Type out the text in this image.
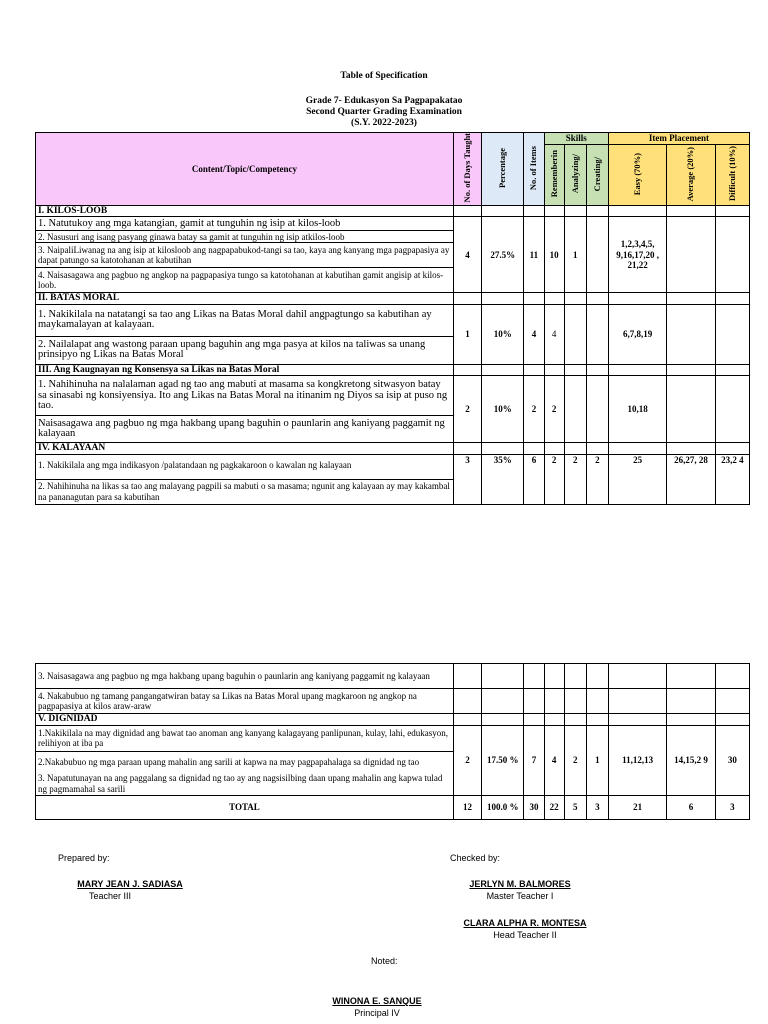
Table of Specification
Grade 7- Edukasyon Sa Pagpapakatao
Second Quarter Grading Examination
(S.Y. 2022-2023)
Content/Topic/Competency	No. of Days Taught	Percentage	No. of Items	Skills			Item Placement		
				Rememberin	Analyzing/	Creating/	Easy (70%)	Average (20%)	Difficult (10%)
I. KILOS-LOOB									
1. Natutukoy ang mga katangian, gamit at tunguhin ng isip at kilos-loob	4	27.5%	11	10	1		1,2,3,4,5, 9,16,17,20 , 21,22		
2. Nasusuri ang isang pasyang ginawa batay sa gamit at tunguhin ng isip atkilos-loob									
3. NaipaliLiwanag na ang isip at kilosloob ang nagpapabukod-tangi sa tao, kaya ang kanyang mga pagpapasiya ay dapat patungo sa katotohanan at kabutihan									
4. Naisasagawa ang pagbuo ng angkop na pagpapasiya tungo sa katotohanan at kabutihan gamit angisip at kilos-loob.									
II. BATAS MORAL									
1. Nakikilala na natatangi sa tao ang Likas na Batas Moral dahil angpagtungo sa kabutihan ay maykamalayan at kalayaan.	1	10%	4	4			6,7,8,19		
2. Nailalapat ang wastong paraan upang baguhin ang mga pasya at kilos na taliwas sa unang prinsipyo ng Likas na Batas Moral									
III. Ang Kaugnayan ng Konsensya sa Likas na Batas Moral									
1. Nahihinuha na nalalaman agad ng tao ang mabuti at masama sa kongkretong sitwasyon batay sa sinasabi ng konsiyensiya. Ito ang Likas na Batas Moral na itinanim ng Diyos sa isip at puso ng tao.	2	10%	2	2			10,18		
Naisasagawa ang pagbuo ng mga hakbang upang baguhin o paunlarin ang kaniyang paggamit ng kalayaan									
IV. KALAYAAN									
1. Nakikilala ang mga indikasyon /palatandaan ng pagkakaroon o kawalan ng kalayaan	3	35%	6	2	2	2	25	26,27, 28	23,2 4
2. Nahihinuha na likas sa tao ang malayang pagpili sa mabuti o sa masama; ngunit ang kalayaan ay may kakambal na pananagutan para sa kabutihan									
3. Naisasagawa ang pagbuo ng mga hakbang upang baguhin o paunlarin ang kaniyang paggamit ng kalayaan									
4. Nakabubuo ng tamang pangangatwiran batay sa Likas na Batas Moral upang magkaroon ng angkop na pagpapasiya at kilos araw-araw									
V. DIGNIDAD									
1.Nakikilala na may dignidad ang bawat tao anoman ang kanyang kalagayang panlipunan, kulay, lahi, edukasyon, relihiyon at iba pa	2	17.50 %	7	4	2	1	11,12,13	14,15,2 9	30
2.Nakabubuo ng mga paraan upang mahalin ang sarili at kapwa na may pagpapahalaga sa dignidad ng tao									
3. Napatutunayan na ang paggalang sa dignidad ng tao ay ang nagsisilbing daan upang mahalin ang kapwa tulad ng pagmamahal sa sarili									
TOTAL	12	100.0 %	30	22	5	3	21	6	3
Prepared by:	Checked by:
MARY JEAN J. SADIASA
Teacher III
JERLYN M. BALMORES
Master Teacher I
CLARA ALPHA R. MONTESA
Head Teacher II
Noted:
WINONA E. SANQUE
Principal IV
